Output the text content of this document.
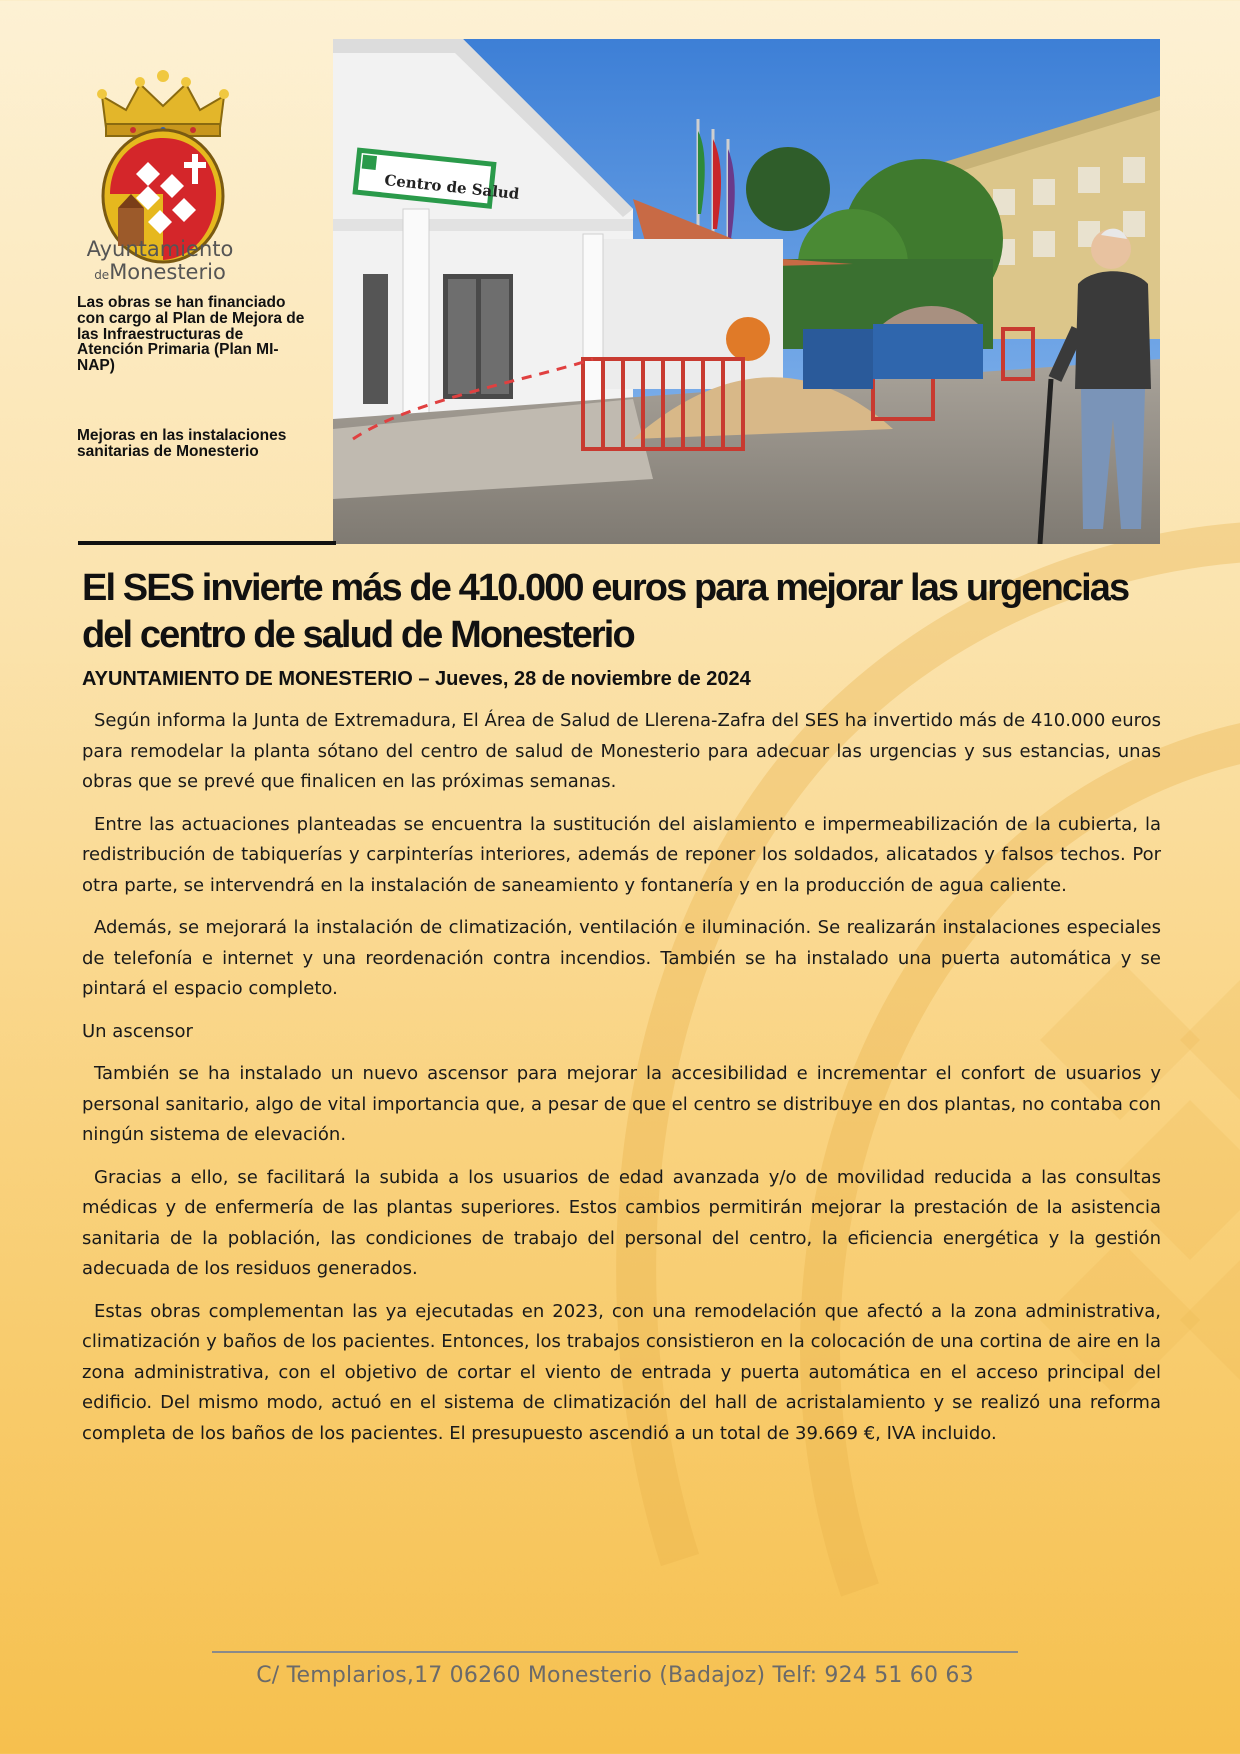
Ayuntamiento
deMonesterio
Las obras se han financiado con cargo al Plan de Mejora de las Infraestructuras de Atención Primaria (Plan MI-NAP)
Mejoras en las instalaciones sanitarias de Monesterio
Centro de Salud
El SES invierte más de 410.000 euros para mejorar las urgencias del centro de salud de Monesterio

AYUNTAMIENTO DE MONESTERIO – Jueves, 28 de noviembre de 2024

Según informa la Junta de Extremadura, El Área de Salud de Llerena-Zafra del SES ha invertido más de 410.000 euros para remodelar la planta sótano del centro de salud de Monesterio para adecuar las urgencias y sus estancias, unas obras que se prevé que finalicen en las próximas semanas.

Entre las actuaciones planteadas se encuentra la sustitución del aislamiento e impermeabilización de la cubierta, la redistribución de tabiquerías y carpinterías interiores, además de reponer los soldados, alicatados y falsos techos. Por otra parte, se intervendrá en la instalación de saneamiento y fontanería y en la producción de agua caliente.

Además, se mejorará la instalación de climatización, ventilación e iluminación. Se realizarán instalaciones especiales de telefonía e internet y una reordenación contra incendios. También se ha instalado una puerta automática y se pintará el espacio completo.

Un ascensor

También se ha instalado un nuevo ascensor para mejorar la accesibilidad e incrementar el confort de usuarios y personal sanitario, algo de vital importancia que, a pesar de que el centro se distribuye en dos plantas, no contaba con ningún sistema de elevación.

Gracias a ello, se facilitará la subida a los usuarios de edad avanzada y/o de movilidad reducida a las consultas médicas y de enfermería de las plantas superiores. Estos cambios permitirán mejorar la prestación de la asistencia sanitaria de la población, las condiciones de trabajo del personal del centro, la eficiencia energética y la gestión adecuada de los residuos generados.

Estas obras complementan las ya ejecutadas en 2023, con una remodelación que afectó a la zona administrativa, climatización y baños de los pacientes. Entonces, los trabajos consistieron en la colocación de una cortina de aire en la zona administrativa, con el objetivo de cortar el viento de entrada y puerta automática en el acceso principal del edificio. Del mismo modo, actuó en el sistema de climatización del hall de acristalamiento y se realizó una reforma completa de los baños de los pacientes. El presupuesto ascendió a un total de 39.669 €, IVA incluido.

C/ Templarios,17 06260 Monesterio (Badajoz) Telf: 924 51 60 63
